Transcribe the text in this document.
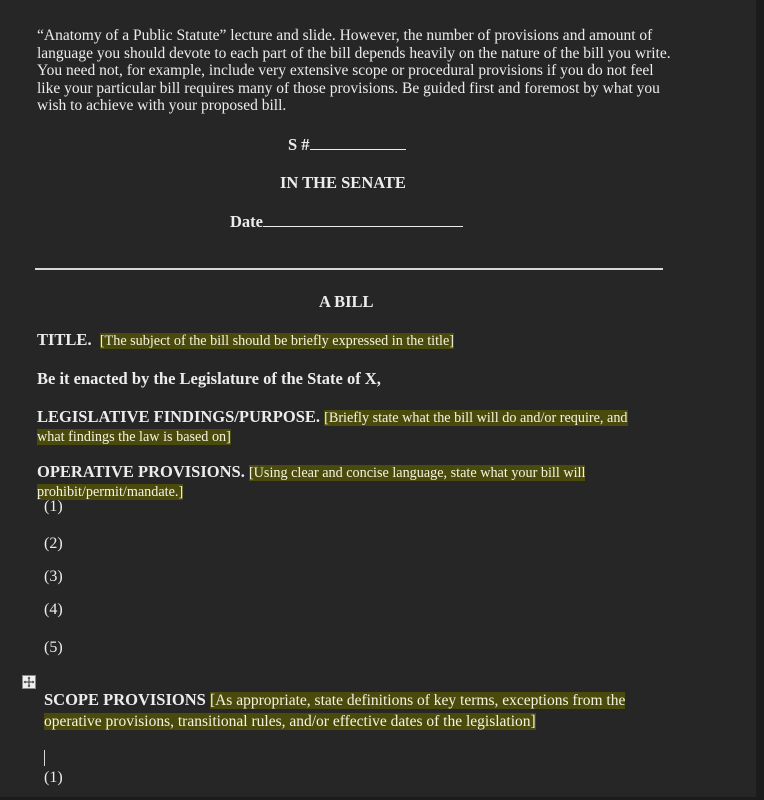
“Anatomy of a Public Statute” lecture and slide. However, the number of provisions and amount of language you should devote to each part of the bill depends heavily on the nature of the bill you write. You need not, for example, include very extensive scope or procedural provisions if you do not feel like your particular bill requires many of those provisions. Be guided first and foremost by what you wish to achieve with your proposed bill.

S #

IN THE SENATE

Date

A BILL

TITLE. [The subject of the bill should be briefly expressed in the title]

Be it enacted by the Legislature of the State of X,

LEGISLATIVE FINDINGS/PURPOSE. [Briefly state what the bill will do and/or require, and what findings the law is based on]

OPERATIVE PROVISIONS. [Using clear and concise language, state what your bill will prohibit/permit/mandate.]

(1)

(2)

(3)

(4)

(5)

SCOPE PROVISIONS [As appropriate, state definitions of key terms, exceptions from the operative provisions, transitional rules, and/or effective dates of the legislation]

(1)
